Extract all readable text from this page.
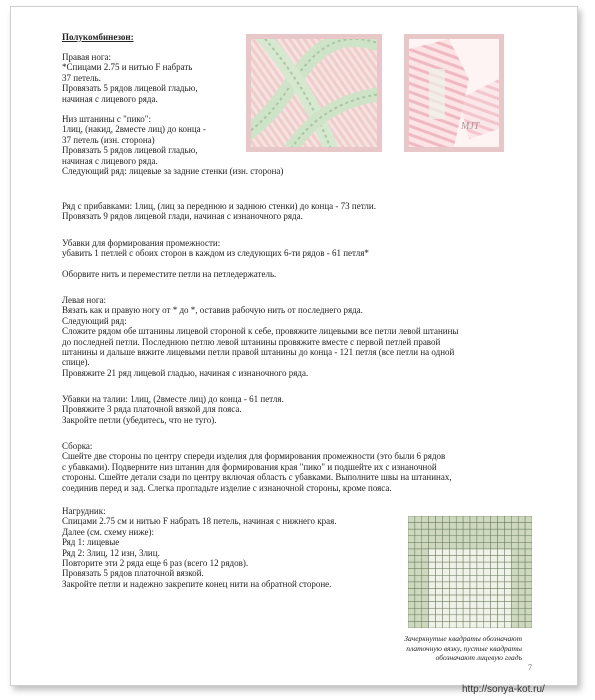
Полукомбинезон:
Правая нога:
*Спицами 2.75 и нитью F набрать
37 петель.
Провязать 5 рядов лицевой гладью,
начиная с лицевого ряда.
Низ штанины с "пико":
1лиц, (накид, 2вместе лиц) до конца -
37 петель (изн. сторона)
Провязать 5 рядов лицевой гладью,
начиная с лицевого ряда.
Следующий ряд: лицевые за задние стенки (изн. сторона)
Ряд с прибавками: 1лиц, (лиц за переднюю и заднюю стенки) до конца - 73 петли.
Провязать 9 рядов лицевой глади, начиная с изнаночного ряда.
Убавки для формирования промежности:
убавить 1 петлей с обоих сторон в каждом из следующих 6-ти рядов - 61 петля*
Оборвите нить и переместите петли на петледержатель.
Левая нога:
Вязать как и правую ногу от * до *, оставив рабочую нить от последнего ряда.
Следующий ряд:
Сложите рядом обе штанины лицевой стороной к себе, провяжите лицевыми все петли левой штанины
до последней петли. Последнюю петлю левой штанины провяжите вместе с первой петлей правой
штанины и дальше вяжите лицевыми петли правой штанины до конца - 121 петля (все петли на одной
спице).
Провяжите 21 ряд лицевой гладью, начиная с изнаночного ряда.
Убавки на талии: 1лиц, (2вместе лиц) до конца - 61 петля.
Провяжите 3 ряда платочной вязкой для пояса.
Закройте петли (убедитесь, что не туго).
Сборка:
Сшейте две стороны по центру спереди изделия для формирования промежности (это были 6 рядов
с убавками). Подверните низ штанин для формирования края "пико" и подшейте их с изнаночной
стороны. Сшейте детали сзади по центру включая область с убавками. Выполните швы на штанинах,
соединив перед и зад. Слегка прогладьте изделие с изнаночной стороны, кроме пояса.
Нагрудник:
Спицами 2.75 см и нитью F набрать 18 петель, начиная с нижнего края.
Далее (см. схему ниже):
Ряд 1: лицевые
Ряд 2: 3лиц, 12 изн, 3лиц.
Повторите эти 2 ряда еще 6 раз (всего 12 рядов).
Провязать 5 рядов платочной вязкой.
Закройте петли и надежно закрепите конец нити на обратной стороне.
MJT
Зачеркнутые квадраты обозначают
платочную вязку, пустые квадраты
обозначают лицевую гладь
7
http://sonya-kot.ru/
